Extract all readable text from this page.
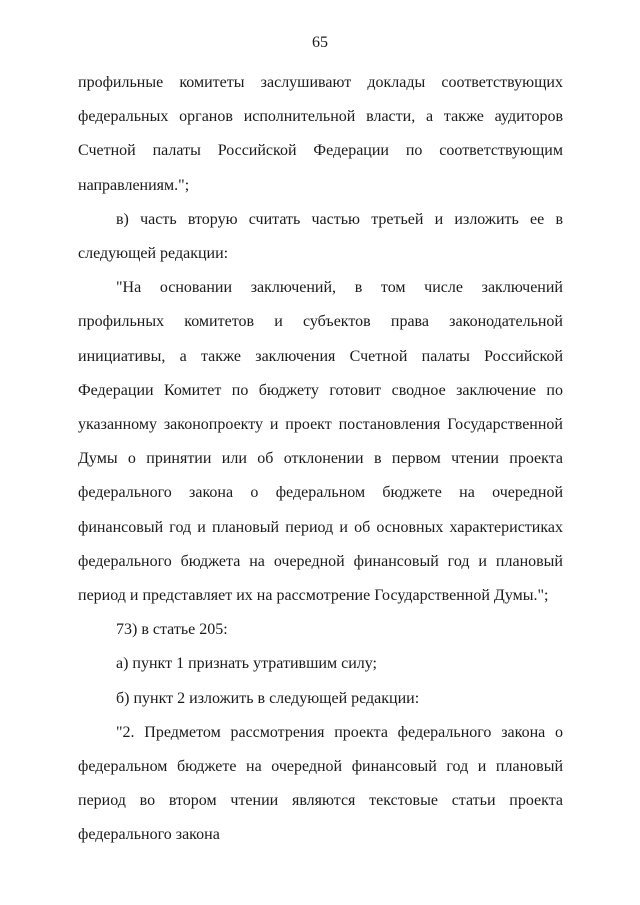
65

профильные комитеты заслушивают доклады соответствующих федеральных органов исполнительной власти, а также аудиторов Счетной палаты Российской Федерации по соответствующим направлениям.";

в) часть вторую считать частью третьей и изложить ее в следующей редакции:

"На основании заключений, в том числе заключений профильных комитетов и субъектов права законодательной инициативы, а также заключения Счетной палаты Российской Федерации Комитет по бюджету готовит сводное заключение по указанному законопроекту и проект постановления Государственной Думы о принятии или об отклонении в первом чтении проекта федерального закона о федеральном бюджете на очередной финансовый год и плановый период и об основных характеристиках федерального бюджета на очередной финансовый год и плановый период и представляет их на рассмотрение Государственной Думы.";

73) в статье 205:

а) пункт 1 признать утратившим силу;

б) пункт 2 изложить в следующей редакции:

"2. Предметом рассмотрения проекта федерального закона о федеральном бюджете на очередной финансовый год и плановый период во втором чтении являются текстовые статьи проекта федерального закона
